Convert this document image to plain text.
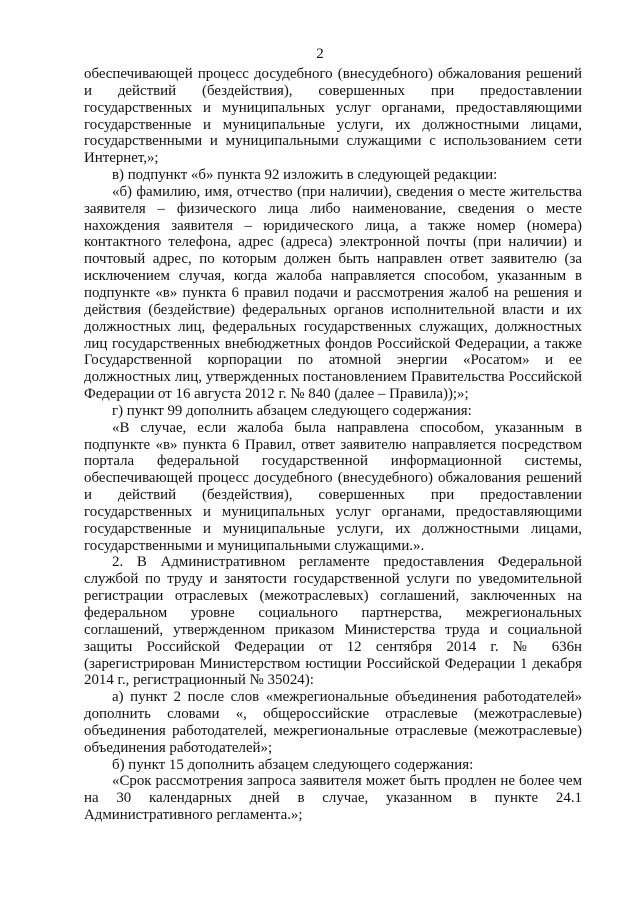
2

обеспечивающей процесс досудебного (внесудебного) обжалования решений и действий (бездействия), совершенных при предоставлении государственных и муниципальных услуг органами, предоставляющими государственные и муниципальные услуги, их должностными лицами, государственными и муниципальными служащими с использованием сети Интернет,»;

в) подпункт «б» пункта 92 изложить в следующей редакции:

«б) фамилию, имя, отчество (при наличии), сведения о месте жительства заявителя – физического лица либо наименование, сведения о месте нахождения заявителя – юридического лица, а также номер (номера) контактного телефона, адрес (адреса) электронной почты (при наличии) и почтовый адрес, по которым должен быть направлен ответ заявителю (за исключением случая, когда жалоба направляется способом, указанным в подпункте «в» пункта 6 правил подачи и рассмотрения жалоб на решения и действия (бездействие) федеральных органов исполнительной власти и их должностных лиц, федеральных государственных служащих, должностных лиц государственных внебюджетных фондов Российской Федерации, а также Государственной корпорации по атомной энергии «Росатом» и ее должностных лиц, утвержденных постановлением Правительства Российской Федерации от 16 августа 2012 г. № 840 (далее – Правила));»;

г) пункт 99 дополнить абзацем следующего содержания:

«В случае, если жалоба была направлена способом, указанным в подпункте «в» пункта 6 Правил, ответ заявителю направляется посредством портала федеральной государственной информационной системы, обеспечивающей процесс досудебного (внесудебного) обжалования решений и действий (бездействия), совершенных при предоставлении государственных и муниципальных услуг органами, предоставляющими государственные и муниципальные услуги, их должностными лицами, государственными и муниципальными служащими.».

2. В Административном регламенте предоставления Федеральной службой по труду и занятости государственной услуги по уведомительной регистрации отраслевых (межотраслевых) соглашений, заключенных на федеральном уровне социального партнерства, межрегиональных соглашений, утвержденном приказом Министерства труда и социальной защиты Российской Федерации от 12 сентября 2014 г. № 636н (зарегистрирован Министерством юстиции Российской Федерации 1 декабря 2014 г., регистрационный № 35024):

а) пункт 2 после слов «межрегиональные объединения работодателей» дополнить словами «, общероссийские отраслевые (межотраслевые) объединения работодателей, межрегиональные отраслевые (межотраслевые) объединения работодателей»;

б) пункт 15 дополнить абзацем следующего содержания:

«Срок рассмотрения запроса заявителя может быть продлен не более чем на 30 календарных дней в случае, указанном в пункте 24.1 Административного регламента.»;
